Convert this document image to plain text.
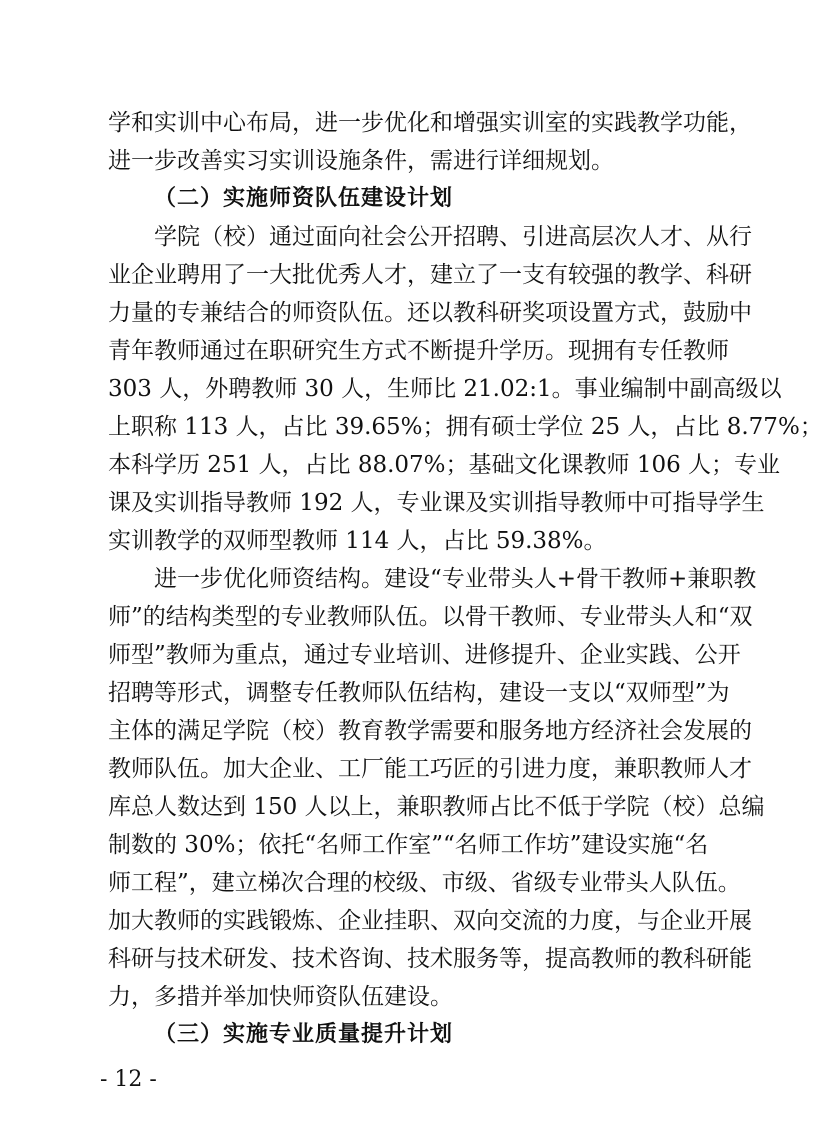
学和实训中心布局，进一步优化和增强实训室的实践教学功能，
进一步改善实习实训设施条件，需进行详细规划。
（二）实施师资队伍建设计划
学院（校）通过面向社会公开招聘、引进高层次人才、从行
业企业聘用了一大批优秀人才，建立了一支有较强的教学、科研
力量的专兼结合的师资队伍。还以教科研奖项设置方式，鼓励中
青年教师通过在职研究生方式不断提升学历。现拥有专任教师
303 人，外聘教师 30 人，生师比 21.02:1。事业编制中副高级以
上职称 113 人，占比 39.65%；拥有硕士学位 25 人，占比 8.77%；
本科学历 251 人，占比 88.07%；基础文化课教师 106 人；专业
课及实训指导教师 192 人，专业课及实训指导教师中可指导学生
实训教学的双师型教师 114 人，占比 59.38%。
进一步优化师资结构。建设“专业带头人+骨干教师+兼职教
师”的结构类型的专业教师队伍。以骨干教师、专业带头人和“双
师型”教师为重点，通过专业培训、进修提升、企业实践、公开
招聘等形式，调整专任教师队伍结构，建设一支以“双师型”为
主体的满足学院（校）教育教学需要和服务地方经济社会发展的
教师队伍。加大企业、工厂能工巧匠的引进力度，兼职教师人才
库总人数达到 150 人以上，兼职教师占比不低于学院（校）总编
制数的 30%；依托“名师工作室”“名师工作坊”建设实施“名
师工程”，建立梯次合理的校级、市级、省级专业带头人队伍。
加大教师的实践锻炼、企业挂职、双向交流的力度，与企业开展
科研与技术研发、技术咨询、技术服务等，提高教师的教科研能
力，多措并举加快师资队伍建设。
（三）实施专业质量提升计划
- 12 -
